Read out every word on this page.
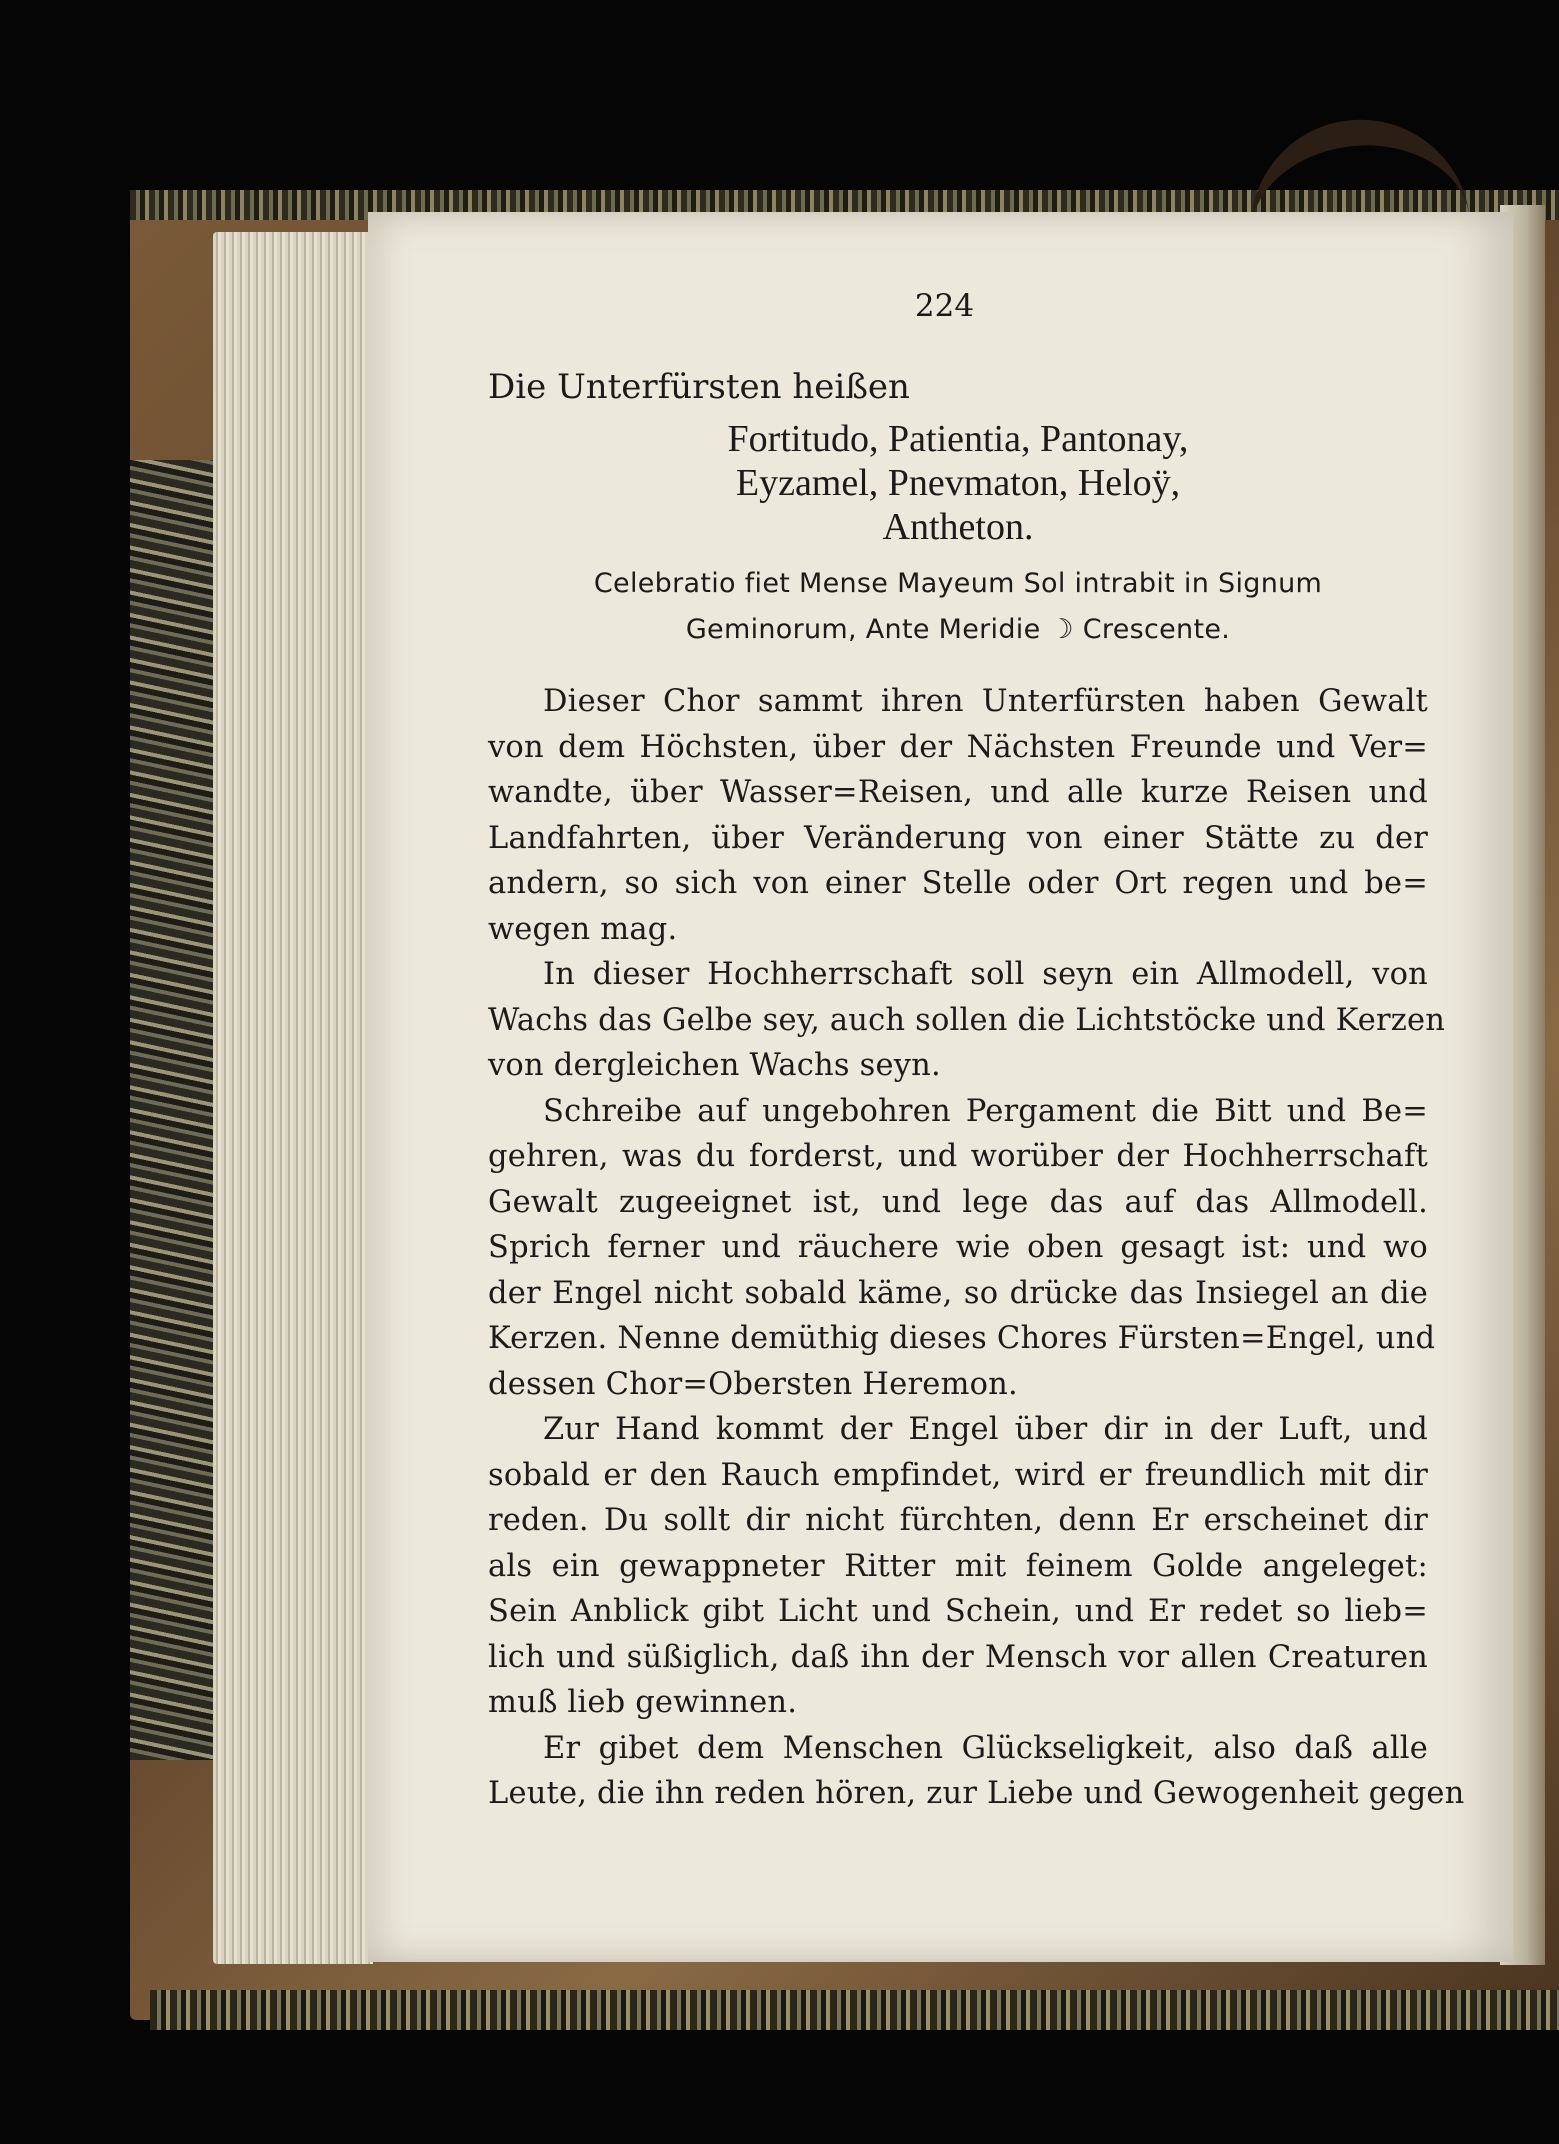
224

Die Unterfürsten heißen

Fortitudo, Patientia, Pantonay,
Eyzamel, Pnevmaton, Heloÿ,
Antheton.
Celebratio fiet Mense Mayeum Sol intrabit in Signum
Geminorum, Ante Meridie ☽ Crescente.

Dieser Chor sammt ihren Unterfürsten haben Gewalt
von dem Höchsten, über der Nächsten Freunde und Ver=
wandte, über Wasser=Reisen, und alle kurze Reisen und
Landfahrten, über Veränderung von einer Stätte zu der
andern, so sich von einer Stelle oder Ort regen und be=
wegen mag.

In dieser Hochherrschaft soll seyn ein Allmodell, von
Wachs das Gelbe sey, auch sollen die Lichtstöcke und Kerzen
von dergleichen Wachs seyn.

Schreibe auf ungebohren Pergament die Bitt und Be=
gehren, was du forderst, und worüber der Hochherrschaft
Gewalt zugeeignet ist, und lege das auf das Allmodell.
Sprich ferner und räuchere wie oben gesagt ist: und wo
der Engel nicht sobald käme, so drücke das Insiegel an die
Kerzen. Nenne demüthig dieses Chores Fürsten=Engel, und
dessen Chor=Obersten Heremon.

Zur Hand kommt der Engel über dir in der Luft, und
sobald er den Rauch empfindet, wird er freundlich mit dir
reden. Du sollt dir nicht fürchten, denn Er erscheinet dir
als ein gewappneter Ritter mit feinem Golde angeleget:
Sein Anblick gibt Licht und Schein, und Er redet so lieb=
lich und süßiglich, daß ihn der Mensch vor allen Creaturen
muß lieb gewinnen.

Er gibet dem Menschen Glückseligkeit, also daß alle
Leute, die ihn reden hören, zur Liebe und Gewogenheit gegen
